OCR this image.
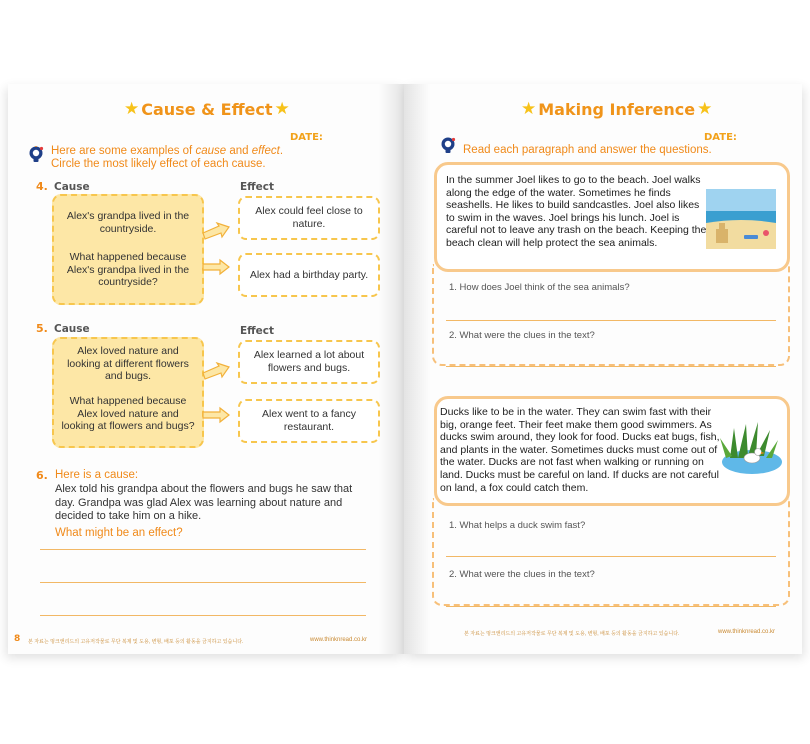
★ Cause & Effect ★
DATE:
Here are some examples of cause and effect.
Circle the most likely effect of each cause.
4. Cause	Effect

Alex's grandpa lived in the countryside.

What happened because Alex's grandpa lived in the countryside?

Alex could feel close to nature.
Alex had a birthday party.
5. Cause	Effect

Alex loved nature and looking at different flowers and bugs.

What happened because Alex loved nature and looking at flowers and bugs?

Alex learned a lot about flowers and bugs.
Alex went to a fancy restaurant.
6. Here is a cause:
Alex told his grandpa about the flowers and bugs he saw that day. Grandpa was glad Alex was learning about nature and decided to take him on a hike.
What might be an effect?
8 본 자료는 띵크앤리드의 고유저작물로 무단 복제 및 도용, 변형, 배포 등의 활동을 금지하고 있습니다.	www.thinknread.co.kr
★ Making Inference ★
DATE:
Read each paragraph and answer the questions.
In the summer Joel likes to go to the beach. Joel walks along the edge of the water. Sometimes he finds seashells. He likes to build sandcastles. Joel also likes to swim in the waves. Joel brings his lunch. Joel is careful not to leave any trash on the beach. Keeping the beach clean will help protect the sea animals.
1. How does Joel think of the sea animals?
2. What were the clues in the text?
Ducks like to be in the water. They can swim fast with their big, orange feet. Their feet make them good swimmers. As ducks swim around, they look for food. Ducks eat bugs, fish, and plants in the water. Sometimes ducks must come out of the water. Ducks are not fast when walking or running on land. Ducks must be careful on land. If ducks are not careful on land, a fox could catch them.
1. What helps a duck swim fast?
2. What were the clues in the text?
본 자료는 띵크앤리드의 고유저작물로 무단 복제 및 도용, 변형, 배포 등의 활동을 금지하고 있습니다.	www.thinknread.co.kr
